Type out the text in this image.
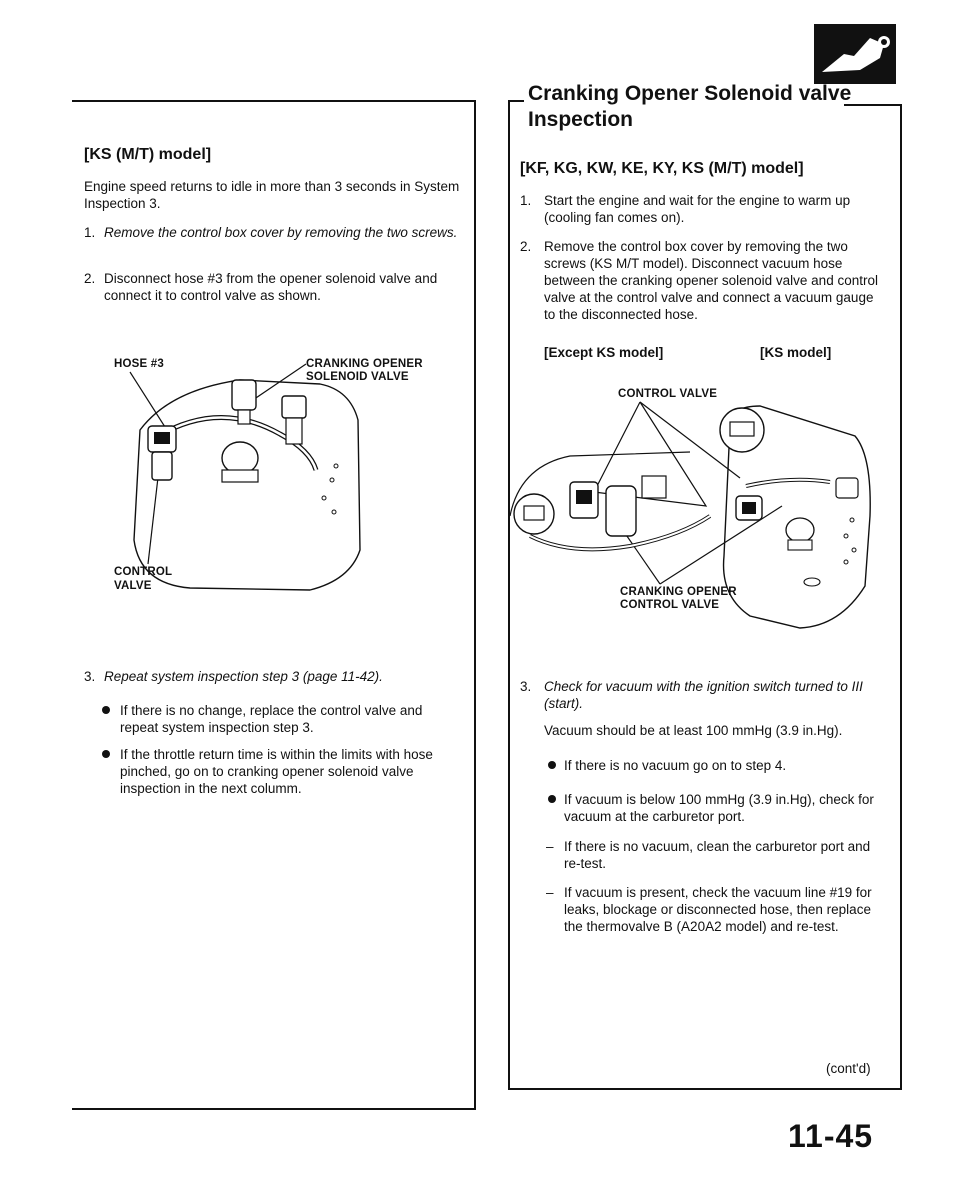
[KS (M/T) model]
Engine speed returns to idle in more than 3 seconds in System Inspection 3.
1. Remove the control box cover by removing the two screws.
2. Disconnect hose #3 from the opener solenoid valve and connect it to control valve as shown.
HOSE #3	CRANKING OPENER
SOLENOID VALVE
CONTROL
VALVE
3. Repeat system inspection step 3 (page 11-42).
If there is no change, replace the control valve and repeat system inspection step 3.
If the throttle return time is within the limits with hose pinched, go on to cranking opener solenoid valve inspection in the next columm.
Cranking Opener Solenoid valve
Inspection
[KF, KG, KW, KE, KY, KS (M/T) model]
1. Start the engine and wait for the engine to warm up (cooling fan comes on).
2. Remove the control box cover by removing the two screws (KS M/T model). Disconnect vacuum hose between the cranking opener solenoid valve and control valve at the control valve and connect a vacuum gauge to the disconnected hose.
[Except KS model]	[KS model]
CONTROL VALVE
CRANKING OPENER
CONTROL VALVE
3. Check for vacuum with the ignition switch turned to III (start).
Vacuum should be at least 100 mmHg (3.9 in.Hg).
If there is no vacuum go on to step 4.
If vacuum is below 100 mmHg (3.9 in.Hg), check for vacuum at the carburetor port.
– If there is no vacuum, clean the carburetor port and re-test.
– If vacuum is present, check the vacuum line #19 for leaks, blockage or disconnected hose, then replace the thermovalve B (A20A2 model) and re-test.
(cont'd)
11-45
